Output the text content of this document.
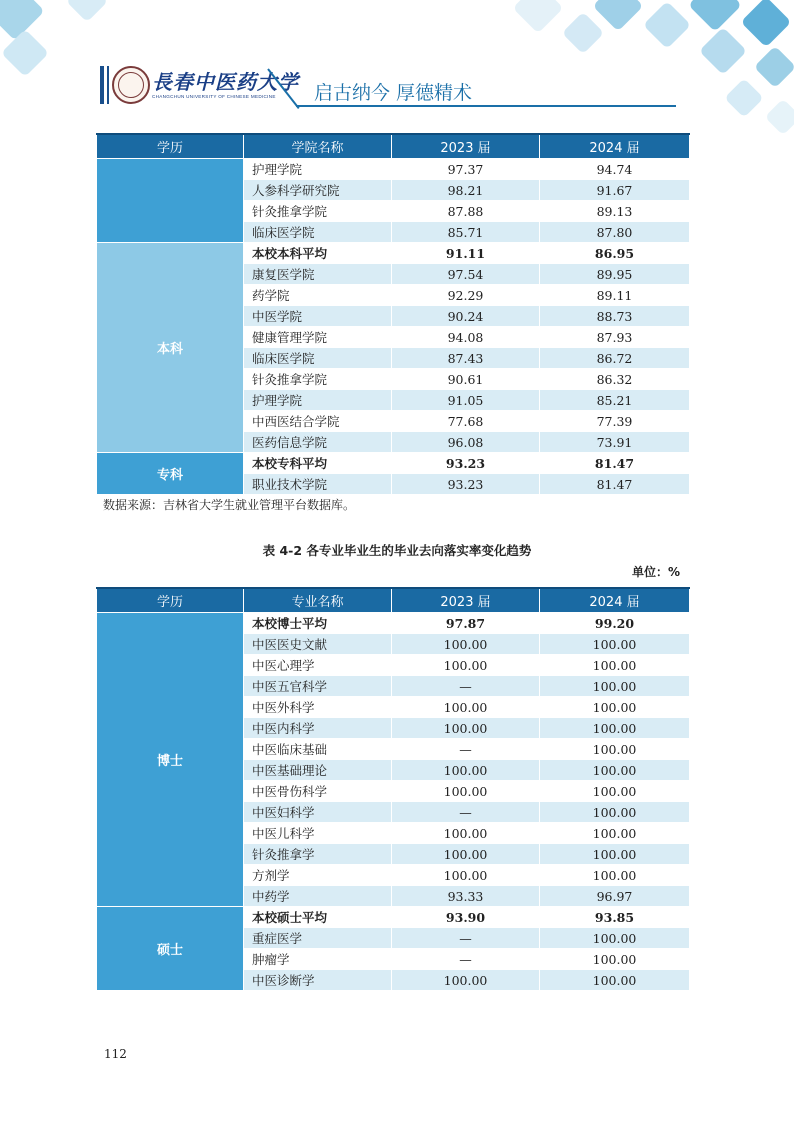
長春中医药大学
CHANGCHUN UNIVERSITY OF CHINESE MEDICINE 启古纳今 厚德精术
学历	学院名称	2023 届	2024 届
	护理学院	97.37	94.74
	人参科学研究院	98.21	91.67
	针灸推拿学院	87.88	89.13
	临床医学院	85.71	87.80
本科	本校本科平均	91.11	86.95
	康复医学院	97.54	89.95
	药学院	92.29	89.11
	中医学院	90.24	88.73
	健康管理学院	94.08	87.93
	临床医学院	87.43	86.72
	针灸推拿学院	90.61	86.32
	护理学院	91.05	85.21
	中西医结合学院	77.68	77.39
	医药信息学院	96.08	73.91
专科	本校专科平均	93.23	81.47
	职业技术学院	93.23	81.47
数据来源：吉林省大学生就业管理平台数据库。
表 4-2 各专业毕业生的毕业去向落实率变化趋势
单位：%
学历	专业名称	2023 届	2024 届
博士	本校博士平均	97.87	99.20
	中医医史文献	100.00	100.00
	中医心理学	100.00	100.00
	中医五官科学	—	100.00
	中医外科学	100.00	100.00
	中医内科学	100.00	100.00
	中医临床基础	—	100.00
	中医基础理论	100.00	100.00
	中医骨伤科学	100.00	100.00
	中医妇科学	—	100.00
	中医儿科学	100.00	100.00
	针灸推拿学	100.00	100.00
	方剂学	100.00	100.00
	中药学	93.33	96.97
硕士	本校硕士平均	93.90	93.85
	重症医学	—	100.00
	肿瘤学	—	100.00
	中医诊断学	100.00	100.00
112
